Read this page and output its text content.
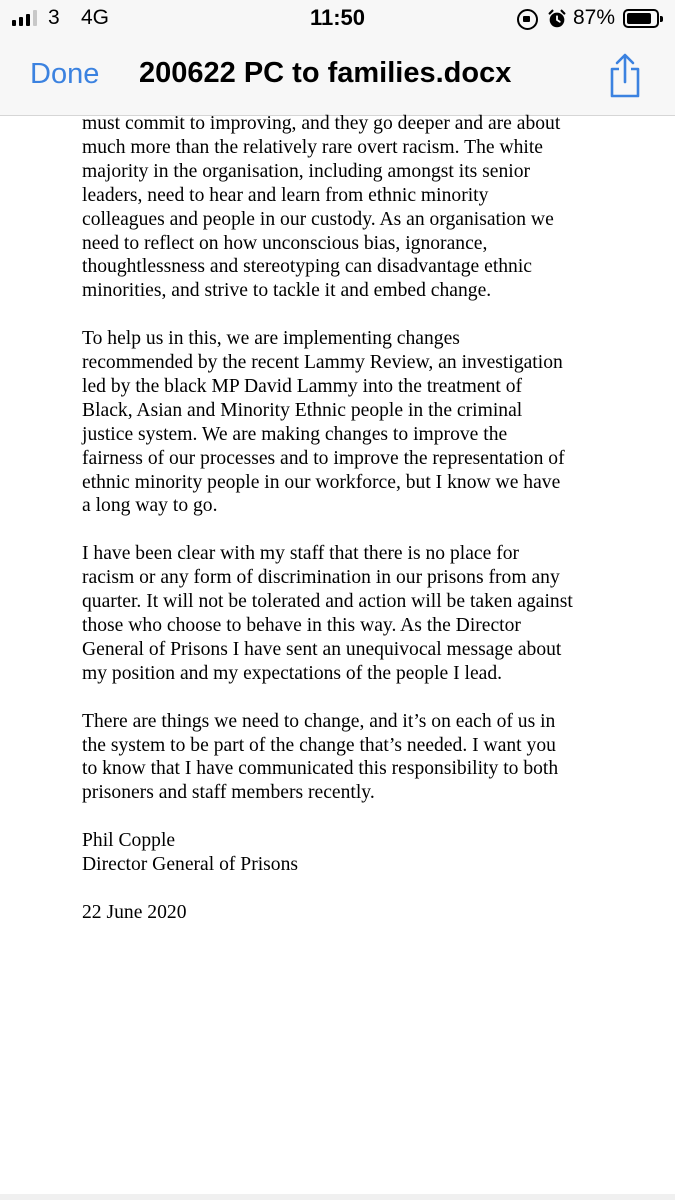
3 4G	11:50	87%
Done 200622 PC to families.docx
must commit to improving, and they go deeper and are about
much more than the relatively rare overt racism. The white
majority in the organisation, including amongst its senior
leaders, need to hear and learn from ethnic minority
colleagues and people in our custody. As an organisation we
need to reflect on how unconscious bias, ignorance,
thoughtlessness and stereotyping can disadvantage ethnic
minorities, and strive to tackle it and embed change.
To help us in this, we are implementing changes
recommended by the recent Lammy Review, an investigation
led by the black MP David Lammy into the treatment of
Black, Asian and Minority Ethnic people in the criminal
justice system. We are making changes to improve the
fairness of our processes and to improve the representation of
ethnic minority people in our workforce, but I know we have
a long way to go.
I have been clear with my staff that there is no place for
racism or any form of discrimination in our prisons from any
quarter. It will not be tolerated and action will be taken against
those who choose to behave in this way. As the Director
General of Prisons I have sent an unequivocal message about
my position and my expectations of the people I lead.
There are things we need to change, and it’s on each of us in
the system to be part of the change that’s needed. I want you
to know that I have communicated this responsibility to both
prisoners and staff members recently.
Phil Copple
Director General of Prisons
22 June 2020
